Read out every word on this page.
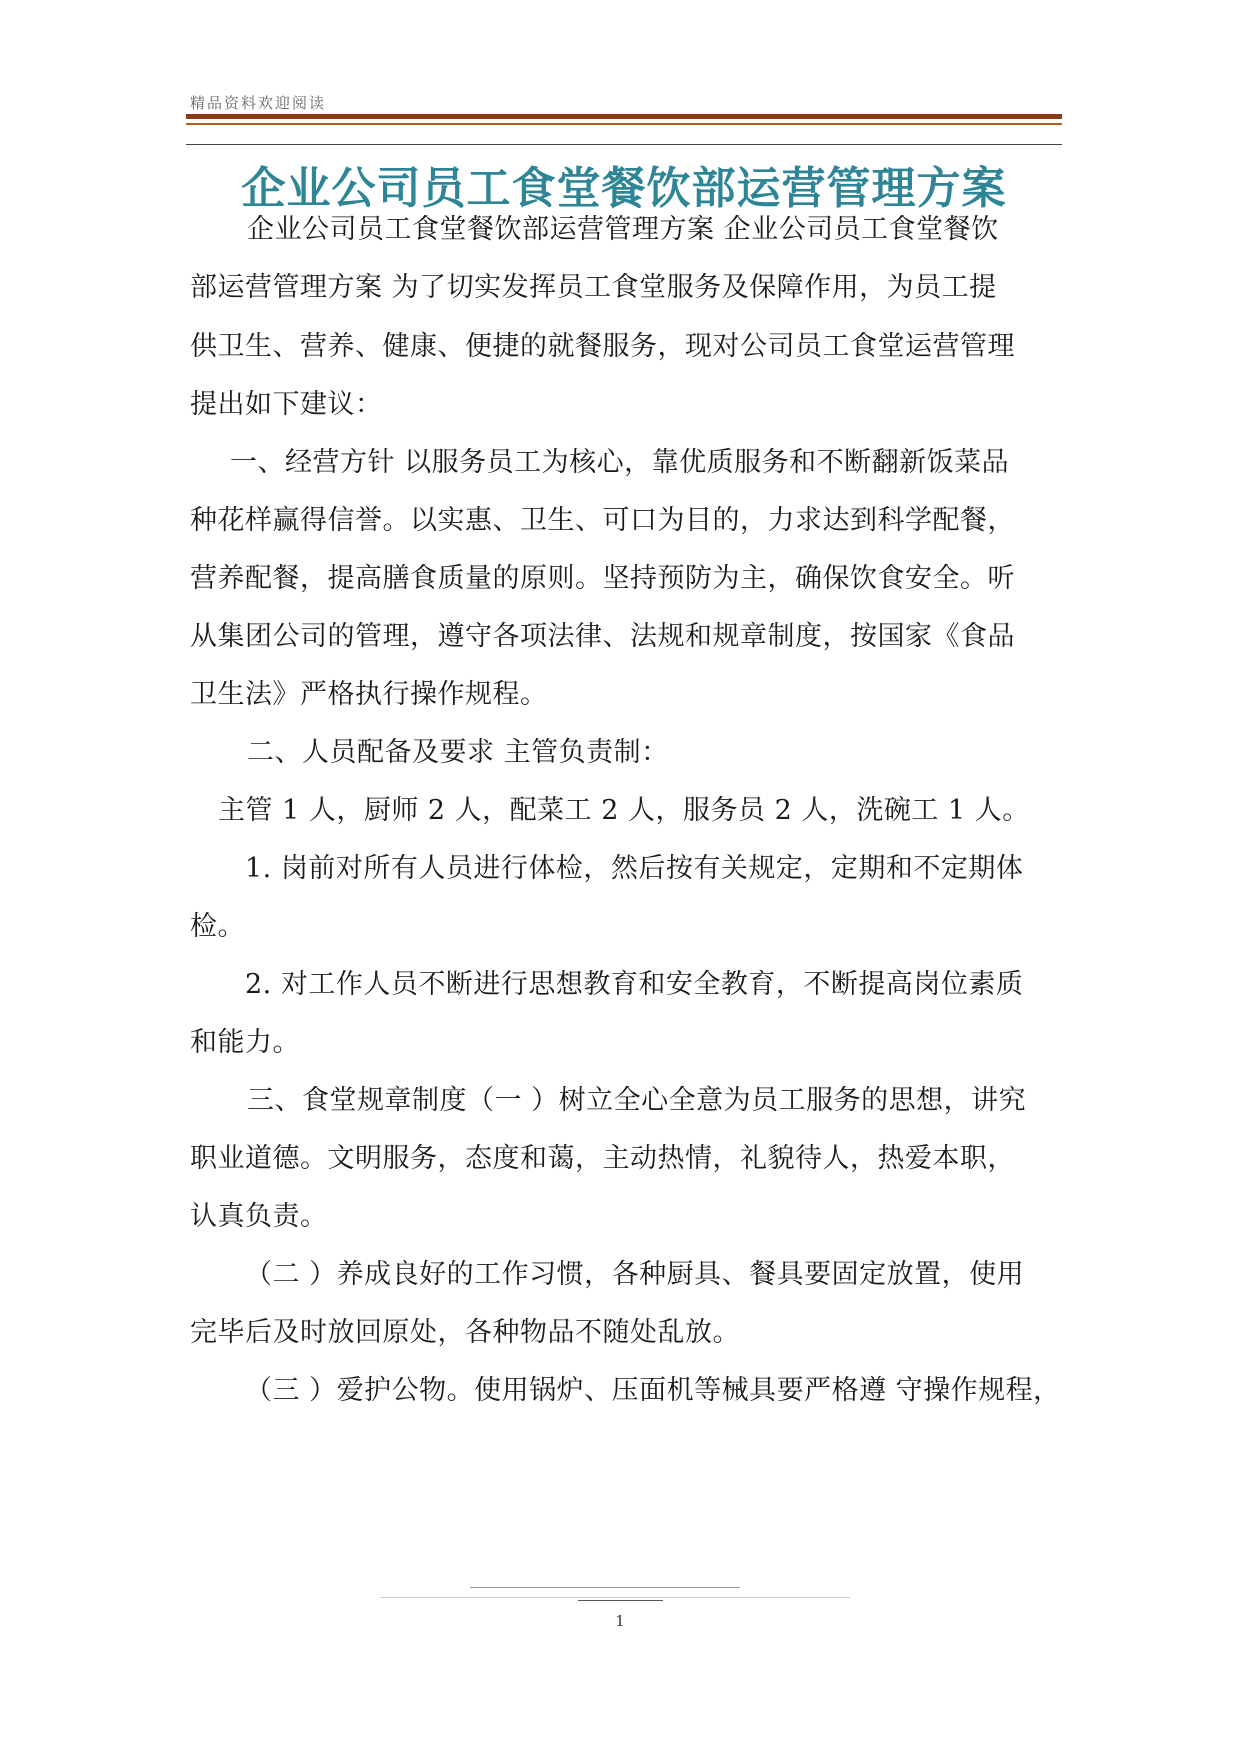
精品资料欢迎阅读
企业公司员工食堂餐饮部运营管理方案
企业公司员工食堂餐饮部运营管理方案 企业公司员工食堂餐饮
部运营管理方案 为了切实发挥员工食堂服务及保障作用，为员工提
供卫生、营养、健康、便捷的就餐服务，现对公司员工食堂运营管理
提出如下建议：
一、经营方针 以服务员工为核心，靠优质服务和不断翻新饭菜品
种花样赢得信誉。以实惠、卫生、可口为目的，力求达到科学配餐，
营养配餐，提高膳食质量的原则。坚持预防为主，确保饮食安全。听
从集团公司的管理，遵守各项法律、法规和规章制度，按国家《食品
卫生法》严格执行操作规程。
二、人员配备及要求 主管负责制：
主管 1 人，厨师 2 人，配菜工 2 人，服务员 2 人，洗碗工 1 人。
1. 岗前对所有人员进行体检，然后按有关规定，定期和不定期体
检。
2. 对工作人员不断进行思想教育和安全教育，不断提高岗位素质
和能力。
三、食堂规章制度（一 ）树立全心全意为员工服务的思想，讲究
职业道德。文明服务，态度和蔼，主动热情，礼貌待人，热爱本职，
认真负责。
（二 ）养成良好的工作习惯，各种厨具、餐具要固定放置，使用
完毕后及时放回原处，各种物品不随处乱放。
（三 ）爱护公物。使用锅炉、压面机等械具要严格遵 守操作规程，
1
